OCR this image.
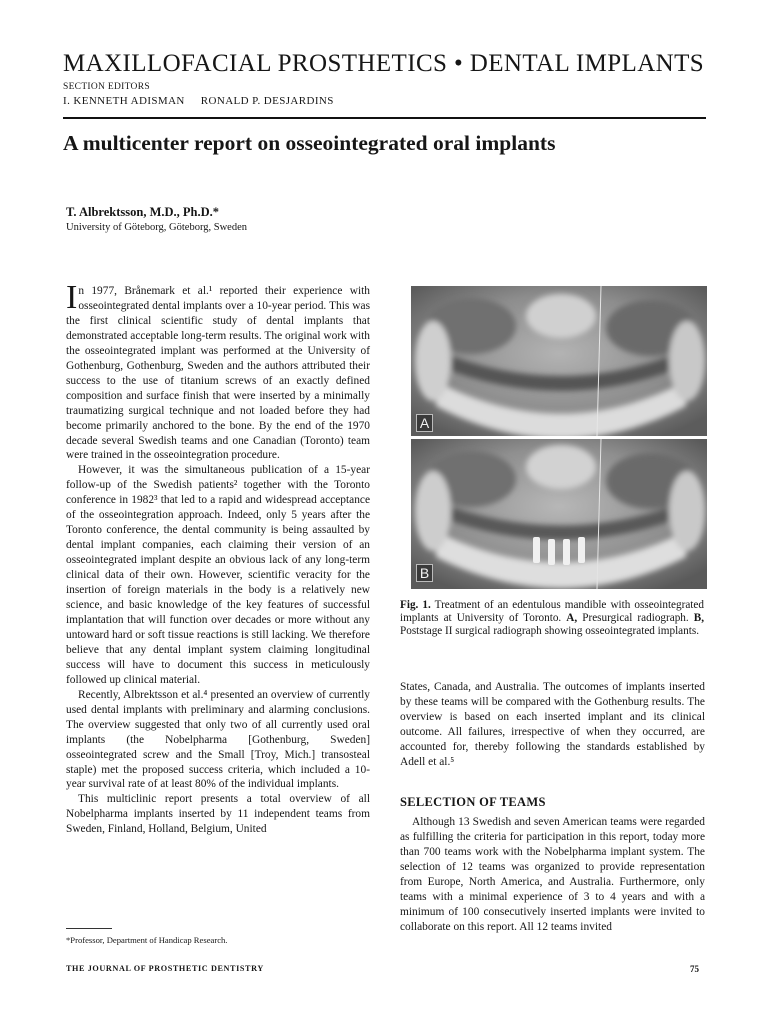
MAXILLOFACIAL PROSTHETICS • DENTAL IMPLANTS
SECTION EDITORS
I. KENNETH ADISMAN RONALD P. DESJARDINS
A multicenter report on osseointegrated oral implants
T. Albrektsson, M.D., Ph.D.*
University of Göteborg, Göteborg, Sweden

In 1977, Brånemark et al.¹ reported their experience with osseointegrated dental implants over a 10-year period. This was the first clinical scientific study of dental implants that demonstrated acceptable long-term results. The original work with the osseointegrated implant was performed at the University of Gothenburg, Gothenburg, Sweden and the authors attributed their success to the use of titanium screws of an exactly defined composition and surface finish that were inserted by a minimally traumatizing surgical technique and not loaded before they had become primarily anchored to the bone. By the end of the 1970 decade several Swedish teams and one Canadian (Toronto) team were trained in the osseointegration procedure.

However, it was the simultaneous publication of a 15-year follow-up of the Swedish patients² together with the Toronto conference in 1982³ that led to a rapid and widespread acceptance of the osseointegration approach. Indeed, only 5 years after the Toronto conference, the dental community is being assaulted by dental implant companies, each claiming their version of an osseointegrated implant despite an obvious lack of any long-term clinical data of their own. However, scientific veracity for the insertion of foreign materials in the body is a relatively new science, and basic knowledge of the key features of successful implantation that will function over decades or more without any untoward hard or soft tissue reactions is still lacking. We therefore believe that any dental implant system claiming longitudinal success will have to document this success in meticulously followed up clinical material.

Recently, Albrektsson et al.⁴ presented an overview of currently used dental implants with preliminary and alarming conclusions. The overview suggested that only two of all currently used oral implants (the Nobelpharma [Gothenburg, Sweden] osseointegrated screw and the Small [Troy, Mich.] transosteal staple) met the proposed success criteria, which included a 10-year survival rate of at least 80% of the individual implants.

This multiclinic report presents a total overview of all Nobelpharma implants inserted by 11 independent teams from Sweden, Finland, Holland, Belgium, United

*Professor, Department of Handicap Research.
THE JOURNAL OF PROSTHETIC DENTISTRY	75
A
B
Fig. 1. Treatment of an edentulous mandible with osseointegrated implants at University of Toronto. A, Presurgical radiograph. B, Poststage II surgical radiograph showing osseointegrated implants.

States, Canada, and Australia. The outcomes of implants inserted by these teams will be compared with the Gothenburg results. The overview is based on each inserted implant and its clinical outcome. All failures, irrespective of when they occurred, are accounted for, thereby following the standards established by Adell et al.⁵

SELECTION OF TEAMS

Although 13 Swedish and seven American teams were regarded as fulfilling the criteria for participation in this report, today more than 700 teams work with the Nobelpharma implant system. The selection of 12 teams was organized to provide representation from Europe, North America, and Australia. Furthermore, only teams with a minimal experience of 3 to 4 years and with a minimum of 100 consecutively inserted implants were invited to collaborate on this report. All 12 teams invited
